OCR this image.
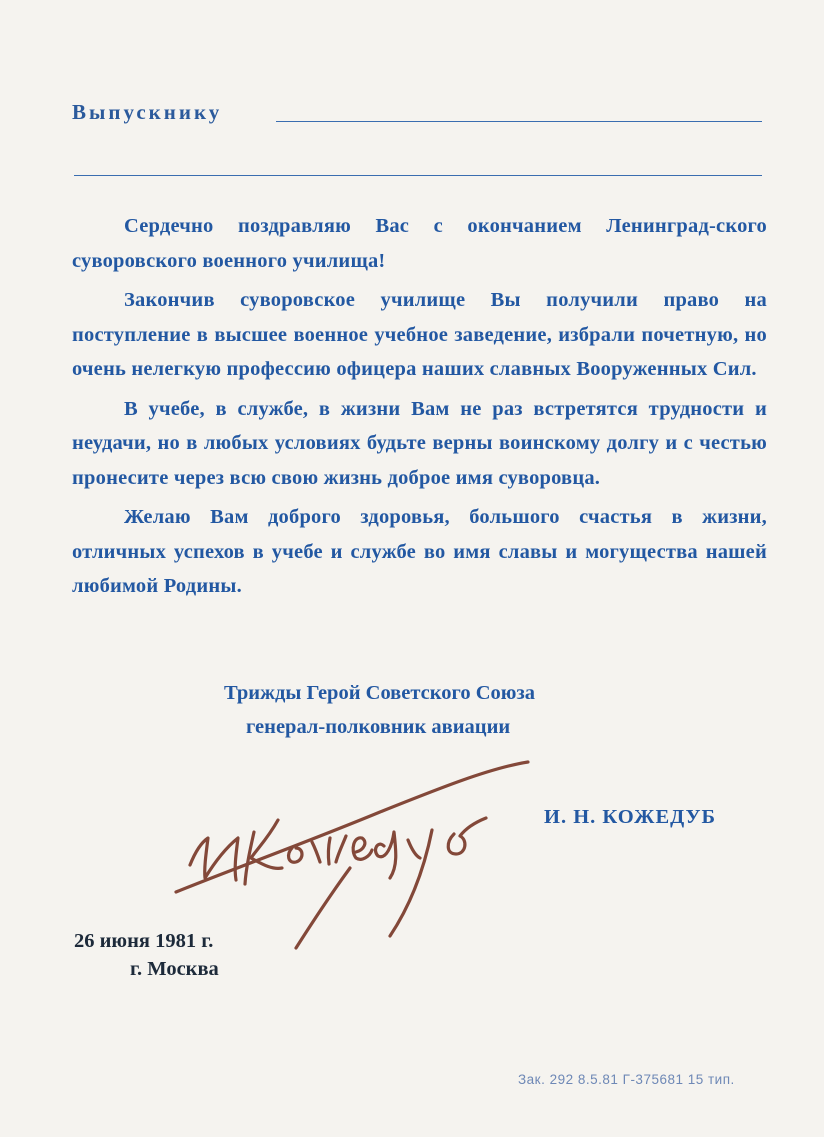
Выпускнику

Сердечно поздравляю Вас с окончанием Ленинград-ского суворовского военного училища!

Закончив суворовское училище Вы получили право на поступление в высшее военное учебное заведение, избрали почетную, но очень нелегкую профессию офицера наших славных Вооруженных Сил.

В учебе, в службе, в жизни Вам не раз встретятся трудности и неудачи, но в любых условиях будьте верны воинскому долгу и с честью пронесите через всю свою жизнь доброе имя суворовца.

Желаю Вам доброго здоровья, большого счастья в жизни, отличных успехов в учебе и службе во имя славы и могущества нашей любимой Родины.

Трижды Герой Советского Союза
генерал-полковник авиации
И. Н. КОЖЕДУБ
26 июня 1981 г.
г. Москва
Зак. 292 8.5.81 Г-375681 15 тип.
